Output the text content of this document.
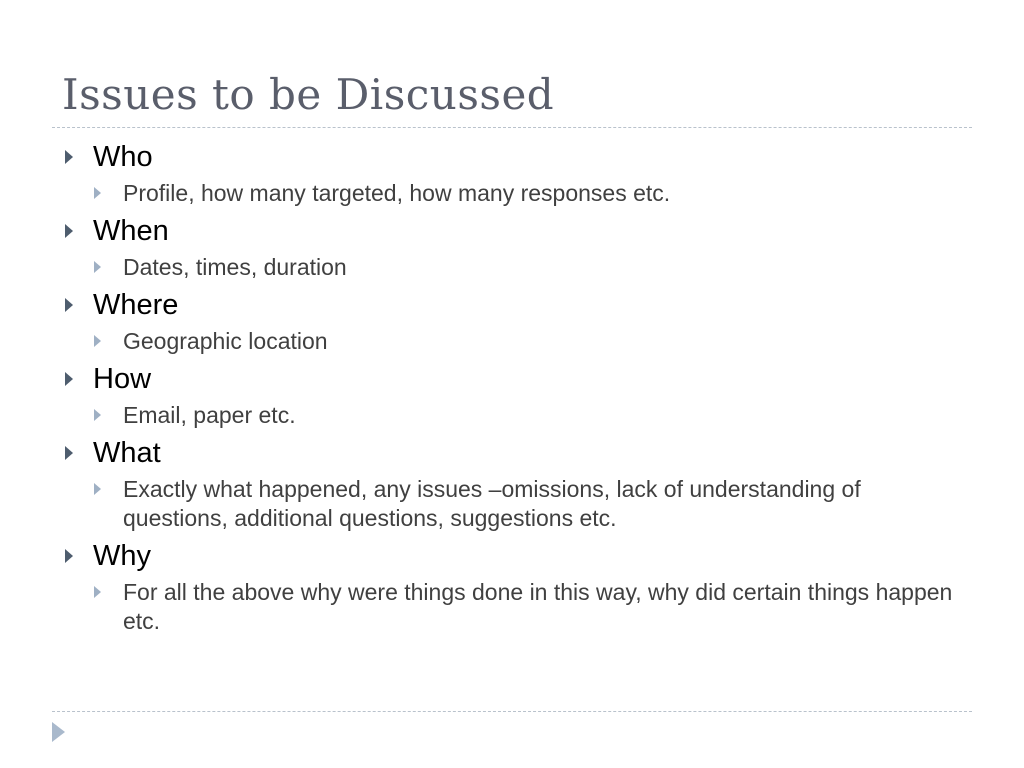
Issues to be Discussed
Who
Profile, how many targeted, how many responses etc.
When
Dates, times, duration
Where
Geographic location
How
Email, paper etc.
What
Exactly what happened, any issues –omissions, lack of understanding of questions, additional questions, suggestions etc.
Why
For all the above why were things done in this way, why did certain things happen etc.
